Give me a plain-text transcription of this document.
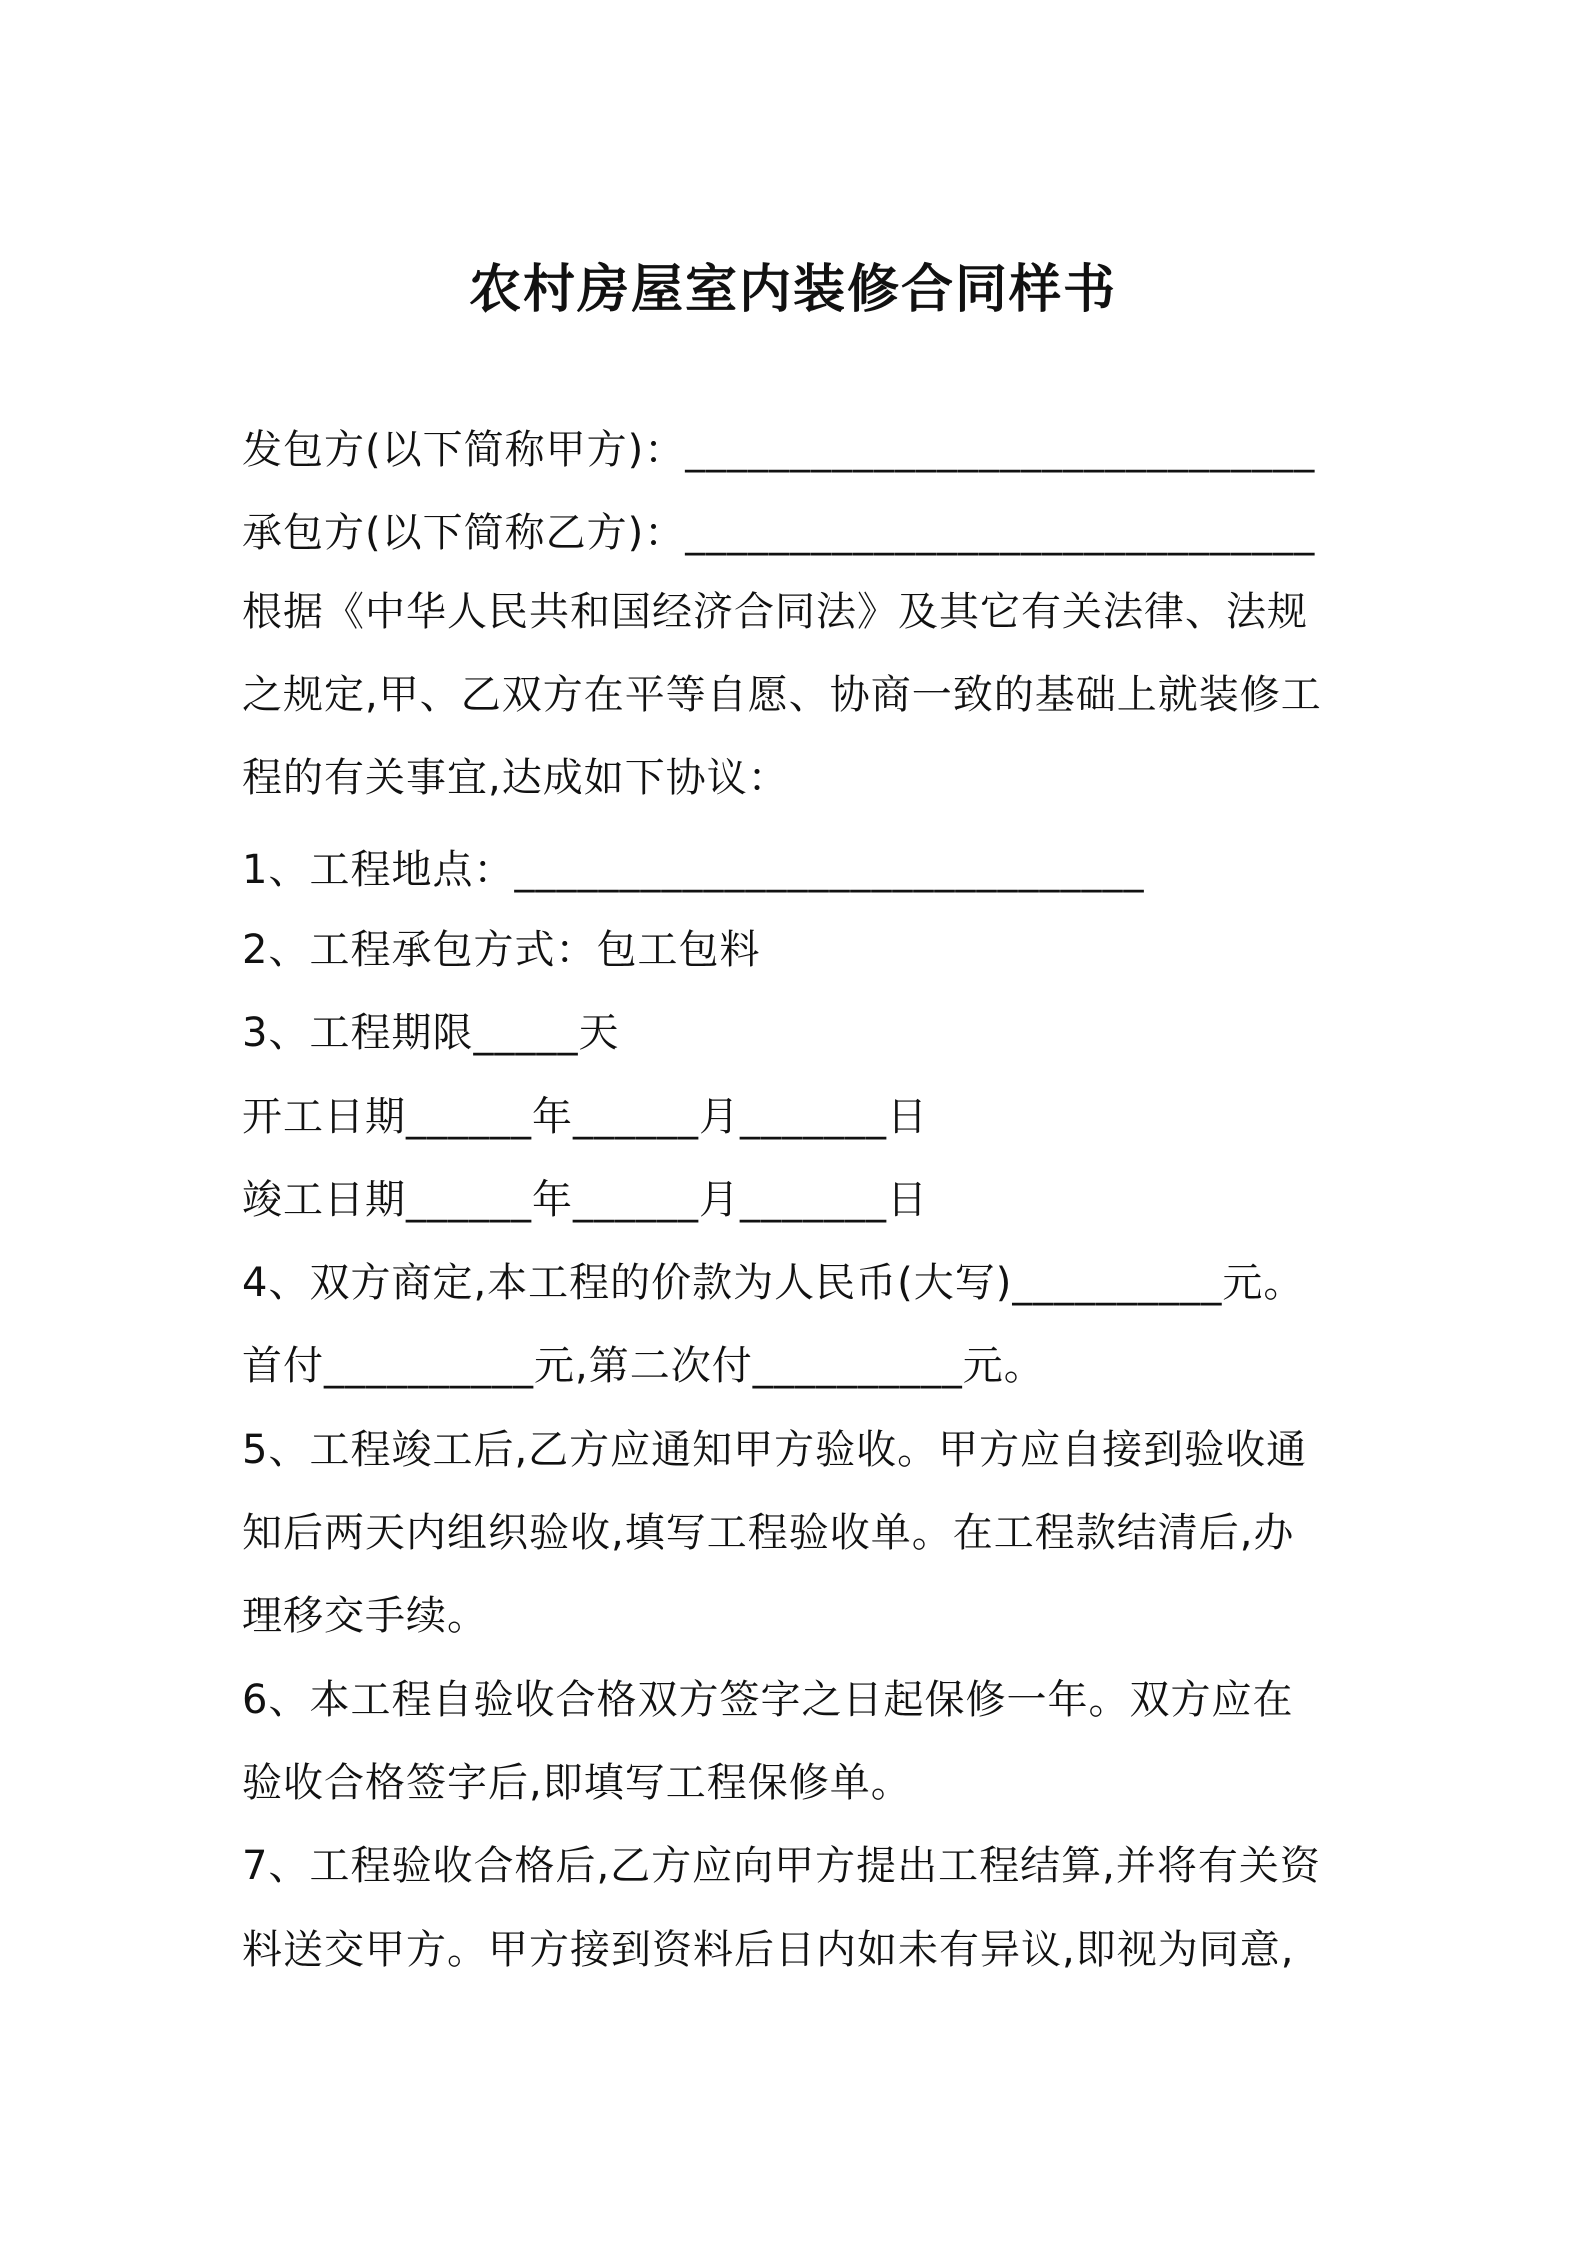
农村房屋室内装修合同样书
发包方(以下简称甲方)：______________________________
承包方(以下简称乙方)：______________________________
根据《中华人民共和国经济合同法》及其它有关法律、法规
之规定,甲、乙双方在平等自愿、协商一致的基础上就装修工
程的有关事宜,达成如下协议：
1、工程地点：______________________________
2、工程承包方式：包工包料
3、工程期限_____天
开工日期______年______月_______日
竣工日期______年______月_______日
4、双方商定,本工程的价款为人民币(大写)__________元。
首付__________元,第二次付__________元。
5、工程竣工后,乙方应通知甲方验收。甲方应自接到验收通
知后两天内组织验收,填写工程验收单。在工程款结清后,办
理移交手续。
6、本工程自验收合格双方签字之日起保修一年。双方应在
验收合格签字后,即填写工程保修单。
7、工程验收合格后,乙方应向甲方提出工程结算,并将有关资
料送交甲方。甲方接到资料后日内如未有异议,即视为同意,
